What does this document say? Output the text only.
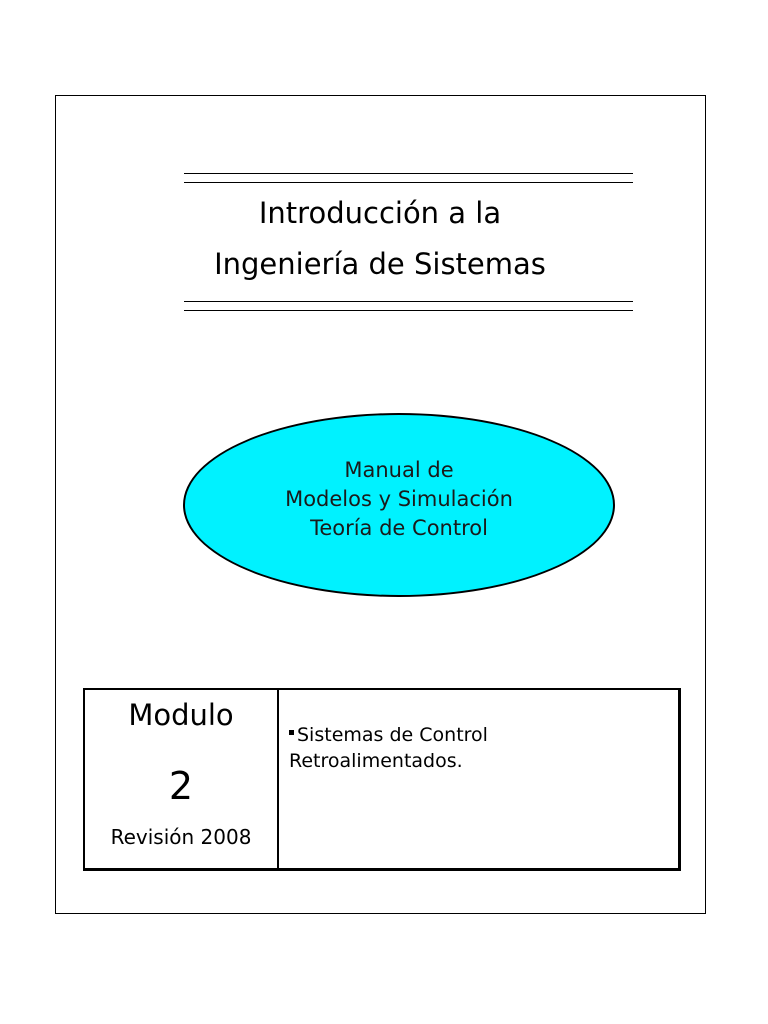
Introducción a la
Ingeniería de Sistemas
Manual de
Modelos y Simulación
Teoría de Control
Modulo
2
Revisión 2008
Sistemas de Control
Retroalimentados.
